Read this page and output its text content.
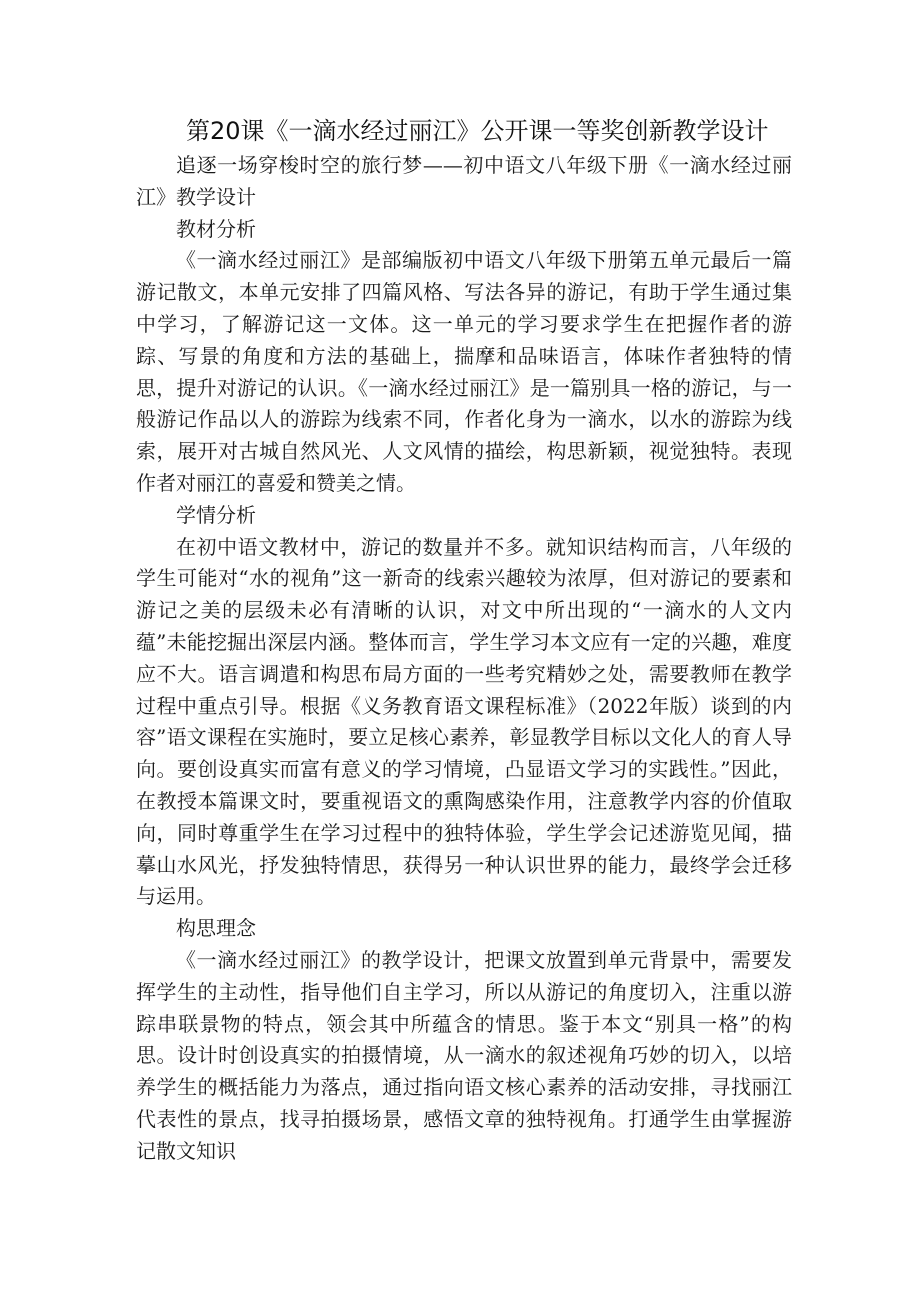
第20课《一滴水经过丽江》公开课一等奖创新教学设计

追逐一场穿梭时空的旅行梦——初中语文八年级下册《一滴水经过丽江》教学设计

教材分析

《一滴水经过丽江》是部编版初中语文八年级下册第五单元最后一篇游记散文，本单元安排了四篇风格、写法各异的游记，有助于学生通过集中学习，了解游记这一文体。这一单元的学习要求学生在把握作者的游踪、写景的角度和方法的基础上，揣摩和品味语言，体味作者独特的情思，提升对游记的认识。《一滴水经过丽江》是一篇别具一格的游记，与一般游记作品以人的游踪为线索不同，作者化身为一滴水，以水的游踪为线索，展开对古城自然风光、人文风情的描绘，构思新颖，视觉独特。表现作者对丽江的喜爱和赞美之情。

学情分析

在初中语文教材中，游记的数量并不多。就知识结构而言，八年级的学生可能对“水的视角”这一新奇的线索兴趣较为浓厚，但对游记的要素和游记之美的层级未必有清晰的认识，对文中所出现的“一滴水的人文内蕴”未能挖掘出深层内涵。整体而言，学生学习本文应有一定的兴趣，难度应不大。语言调遣和构思布局方面的一些考究精妙之处，需要教师在教学过程中重点引导。根据《义务教育语文课程标准》（2022年版）谈到的内容”语文课程在实施时，要立足核心素养，彰显教学目标以文化人的育人导向。要创设真实而富有意义的学习情境，凸显语文学习的实践性。”因此，在教授本篇课文时，要重视语文的熏陶感染作用，注意教学内容的价值取向，同时尊重学生在学习过程中的独特体验，学生学会记述游览见闻，描摹山水风光，抒发独特情思，获得另一种认识世界的能力，最终学会迁移与运用。

构思理念

《一滴水经过丽江》的教学设计，把课文放置到单元背景中，需要发挥学生的主动性，指导他们自主学习，所以从游记的角度切入，注重以游踪串联景物的特点，领会其中所蕴含的情思。鉴于本文“别具一格”的构思。设计时创设真实的拍摄情境，从一滴水的叙述视角巧妙的切入，以培养学生的概括能力为落点，通过指向语文核心素养的活动安排，寻找丽江代表性的景点，找寻拍摄场景，感悟文章的独特视角。打通学生由掌握游记散文知识
